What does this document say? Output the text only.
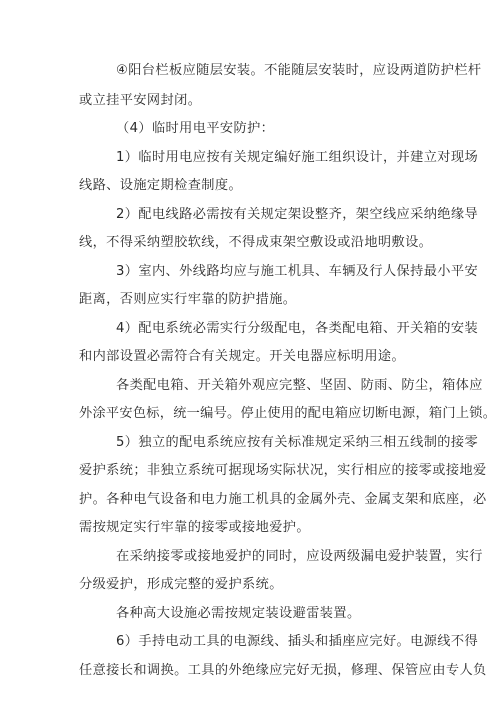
④阳台栏板应随层安装。不能随层安装时，应设两道防护栏杆
或立挂平安网封闭。
（4）临时用电平安防护：
1）临时用电应按有关规定编好施工组织设计，并建立对现场
线路、设施定期检查制度。
2）配电线路必需按有关规定架设整齐，架空线应采纳绝缘导
线，不得采纳塑胶软线，不得成束架空敷设或沿地明敷设。
3）室内、外线路均应与施工机具、车辆及行人保持最小平安
距离，否则应实行牢靠的防护措施。
4）配电系统必需实行分级配电，各类配电箱、开关箱的安装
和内部设置必需符合有关规定。开关电器应标明用途。
各类配电箱、开关箱外观应完整、坚固、防雨、防尘，箱体应
外涂平安色标，统一编号。停止使用的配电箱应切断电源，箱门上锁。
5）独立的配电系统应按有关标准规定采纳三相五线制的接零
爱护系统；非独立系统可据现场实际状况，实行相应的接零或接地爱
护。各种电气设备和电力施工机具的金属外壳、金属支架和底座，必
需按规定实行牢靠的接零或接地爱护。
在采纳接零或接地爱护的同时，应设两级漏电爱护装置，实行
分级爱护，形成完整的爱护系统。
各种高大设施必需按规定装设避雷装置。
6）手持电动工具的电源线、插头和插座应完好。电源线不得
任意接长和调换。工具的外绝缘应完好无损，修理、保管应由专人负
